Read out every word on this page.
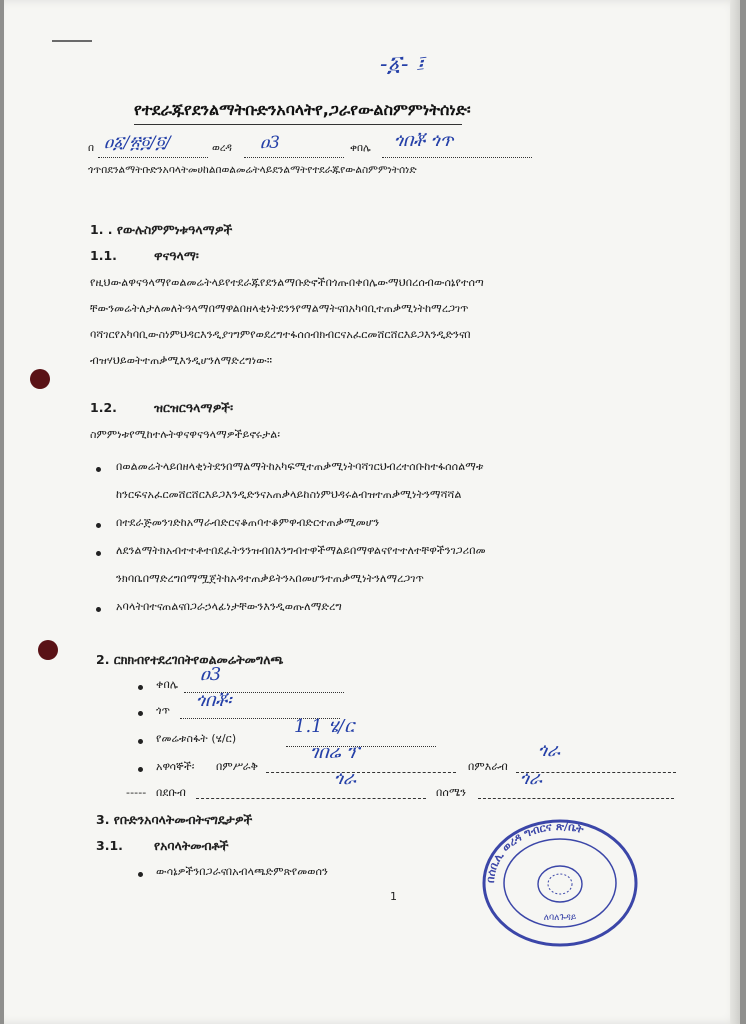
-፩- ፤
የተደራጁየደንልማትቡድንአባላትየ,ጋራየውልስምምነትሰነድ፡
በ ዐ፩/፳፬/፬/	ወረዳ ዐ3	ቀበሌ ጎበቾ ጎጥ
ጎጥበደንልማትቡድንአባላትመሀከልበወልመሬትላይደንልማትየተደራጁየውልስምምነትሰነድ
1. . የውሉስምምነቱዓላማዎች
1.1.	ዋናዓላማ፡
የዚህውልዋናዓላማየወልመሬትላይየተደራጁየደንልማቡድኖችበጎጡበቀበሌውማህበረሰብውሰኔየተሰጣ
ቸውንመሬትለታለመለትዓላማበማዋልበዘላቂነትደንንየማልማትናበአካባቢተጠቃሚነትከማረጋገጥ
ባሻገርየአካባቢውስነምህዳርእንዲያገግምየወደረግተፋሰሰብክብርናአፈርመሸርሸርእይጋእንዲድንናበ
ብዝሃህይወትተጠቃሚእንዲሆንለማድረግነው።
1.2.	ዝርዝርዓላማዎች፡
ስምምነቱየሚከተሉትዋናዋናዓላማዎችይኖሩታል፡
በወልመሬትላይበዘላቂነትደንበማልማትከአካፍሚተጠቃሚነትባሻገርህብረተሰቡከተፋሰሰልማቱ
ከንርፍናአፈርመሸርሸርእይጋእንዲድንናአጠቃላይከስነምህዳሩልብዝተጠቃሚነትንማሻሻል
በተደራጅመንገድከአማራብድርናቆጠባተቆምዋብድርተጠቃሚመሆን
ለደንልማትክአብተተቶተበደፈትንንዝብበእንግብተዋችማልይበማዋልናየተተለተቸዋችንገጋሪበመ
ንክባቤበማድረግበማሟጀትከአዳተጠቃይትንኣበመሆንተጠቃሚነትንለማረጋገጥ
አባላትበተናጠልናበጋራኃላፊነታቸውንእንዲወጡለማድረግ
2. ርክክብየተደረገበትየወልመሬትመግለጫ
ቀበሌ ዐ3
ጎጥ ጎበቾ፡
የመሬቱስፋት (ሄ/ር)
1.1 ሄ/ር
አዋሳኞች፡ በምሥራቅ
ገበሬ ፕ
በምእራብ
ጎራ
----- በደቡብ
ጎራ
በሰሜን
ጎራ
3. የቡድንአባላትመብትናግዴታዎች
3.1. የአባላትመብቶች
ውሳኔዎችንበጋራናበአብላጫድምጽየመወሰን
1
በሰቢሊ ወረዳ ግብርና ጽ/ቤት
ለባለጉዳይ
